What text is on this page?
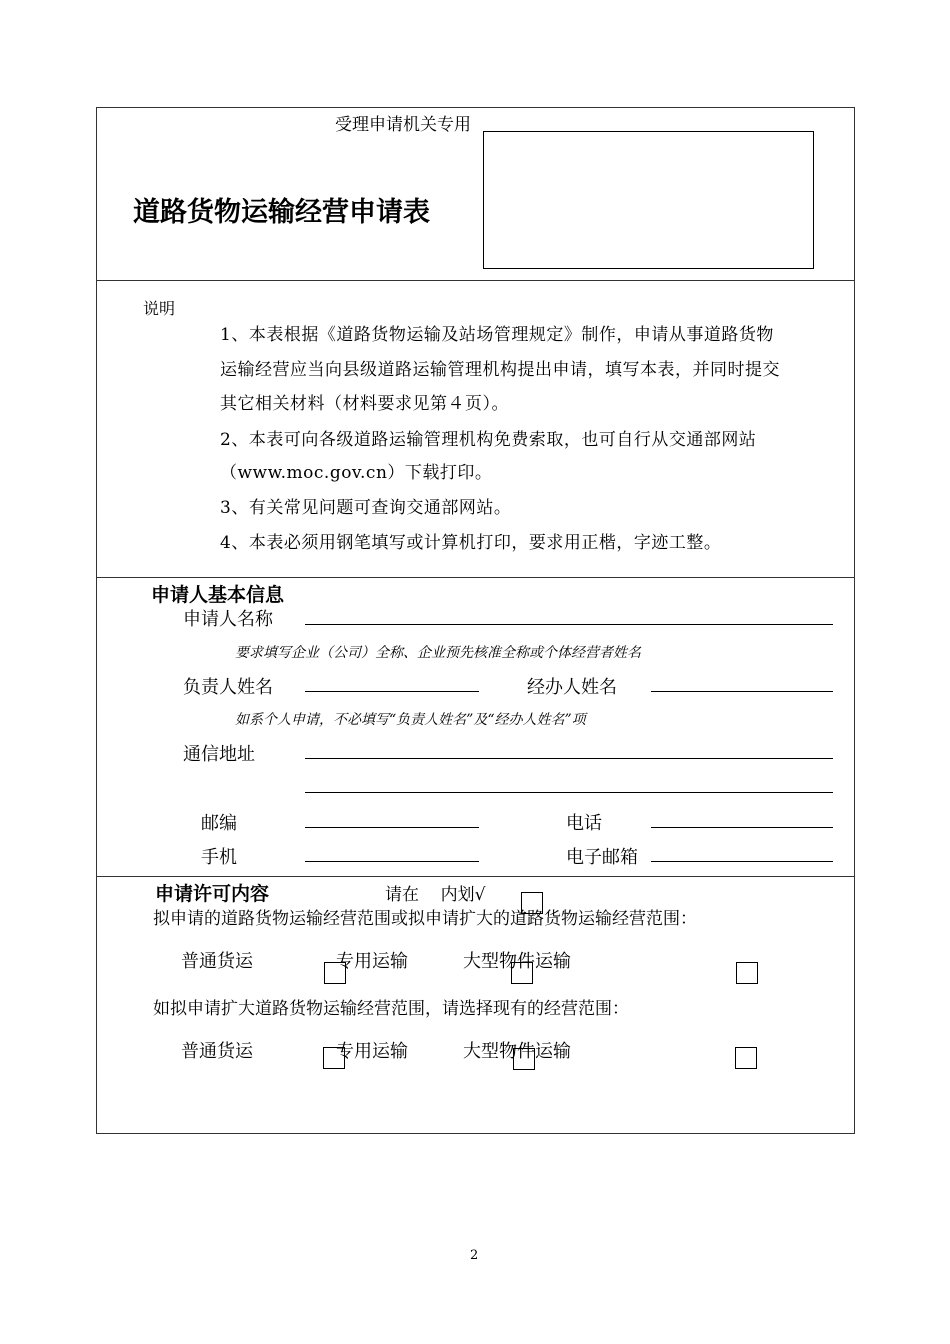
受理申请机关专用
道路货物运输经营申请表
说明
1、本表根据《道路货物运输及站场管理规定》制作，申请从事道路货物
运输经营应当向县级道路运输管理机构提出申请，填写本表，并同时提交
其它相关材料（材料要求见第４页）。
2、本表可向各级道路运输管理机构免费索取，也可自行从交通部网站
（www.moc.gov.cn）下载打印。
3、有关常见问题可查询交通部网站。
4、本表必须用钢笔填写或计算机打印，要求用正楷，字迹工整。
申请人基本信息
申请人名称
要求填写企业（公司）全称、企业预先核准全称或个体经营者姓名
负责人姓名	经办人姓名
如系个人申请，不必填写“负责人姓名”及“经办人姓名”项
通信地址
邮编	电话
手机	电子邮箱
申请许可内容	请在    内划√
拟申请的道路货物运输经营范围或拟申请扩大的道路货物运输经营范围：
普通货运	专用运输	大型物件运输
如拟申请扩大道路货物运输经营范围，请选择现有的经营范围：
普通货运	专用运输	大型物件运输
2
